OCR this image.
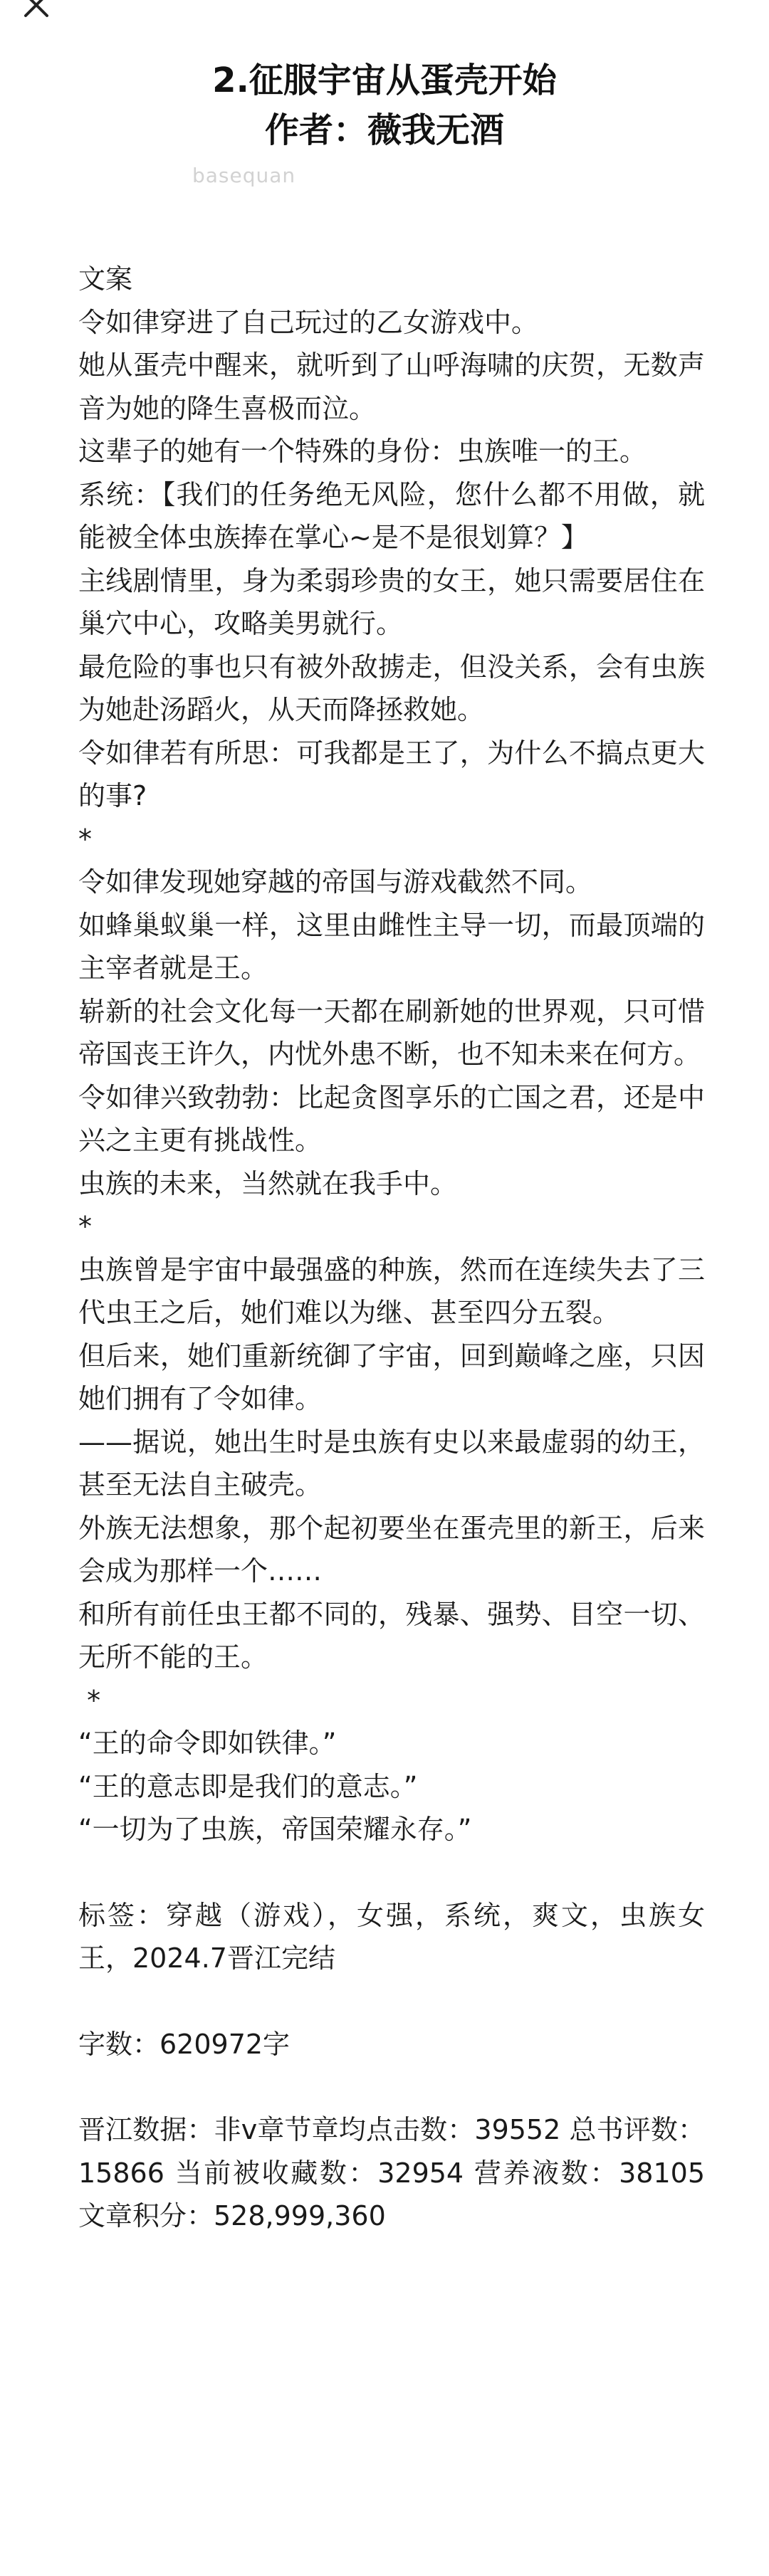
2.征服宇宙从蛋壳开始
作者：薇我无酒
basequan

文案

令如律穿进了自己玩过的乙女游戏中。

她从蛋壳中醒来，就听到了山呼海啸的庆贺，无数声音为她的降生喜极而泣。

这辈子的她有一个特殊的身份：虫族唯一的王。

系统：【我们的任务绝无风险，您什么都不用做，就能被全体虫族捧在掌心~是不是很划算？】

主线剧情里，身为柔弱珍贵的女王，她只需要居住在巢穴中心，攻略美男就行。

最危险的事也只有被外敌掳走，但没关系，会有虫族为她赴汤蹈火，从天而降拯救她。

令如律若有所思：可我都是王了，为什么不搞点更大的事?

*

令如律发现她穿越的帝国与游戏截然不同。

如蜂巢蚁巢一样，这里由雌性主导一切，而最顶端的主宰者就是王。

崭新的社会文化每一天都在刷新她的世界观，只可惜帝国丧王许久，内忧外患不断，也不知未来在何方。

令如律兴致勃勃：比起贪图享乐的亡国之君，还是中兴之主更有挑战性。

虫族的未来，当然就在我手中。

*

虫族曾是宇宙中最强盛的种族，然而在连续失去了三代虫王之后，她们难以为继、甚至四分五裂。

但后来，她们重新统御了宇宙，回到巅峰之座，只因她们拥有了令如律。

——据说，她出生时是虫族有史以来最虚弱的幼王，甚至无法自主破壳。

外族无法想象，那个起初要坐在蛋壳里的新王，后来会成为那样一个……

和所有前任虫王都不同的，残暴、强势、目空一切、无所不能的王。

*

“王的命令即如铁律。”

“王的意志即是我们的意志。”

“一切为了虫族，帝国荣耀永存。”

标签：穿越（游戏），女强，系统，爽文，虫族女王，2024.7晋江完结

字数：620972字

晋江数据：非v章节章均点击数：39552 总书评数：15866 当前被收藏数：32954 营养液数：38105 文章积分：528,999,360
